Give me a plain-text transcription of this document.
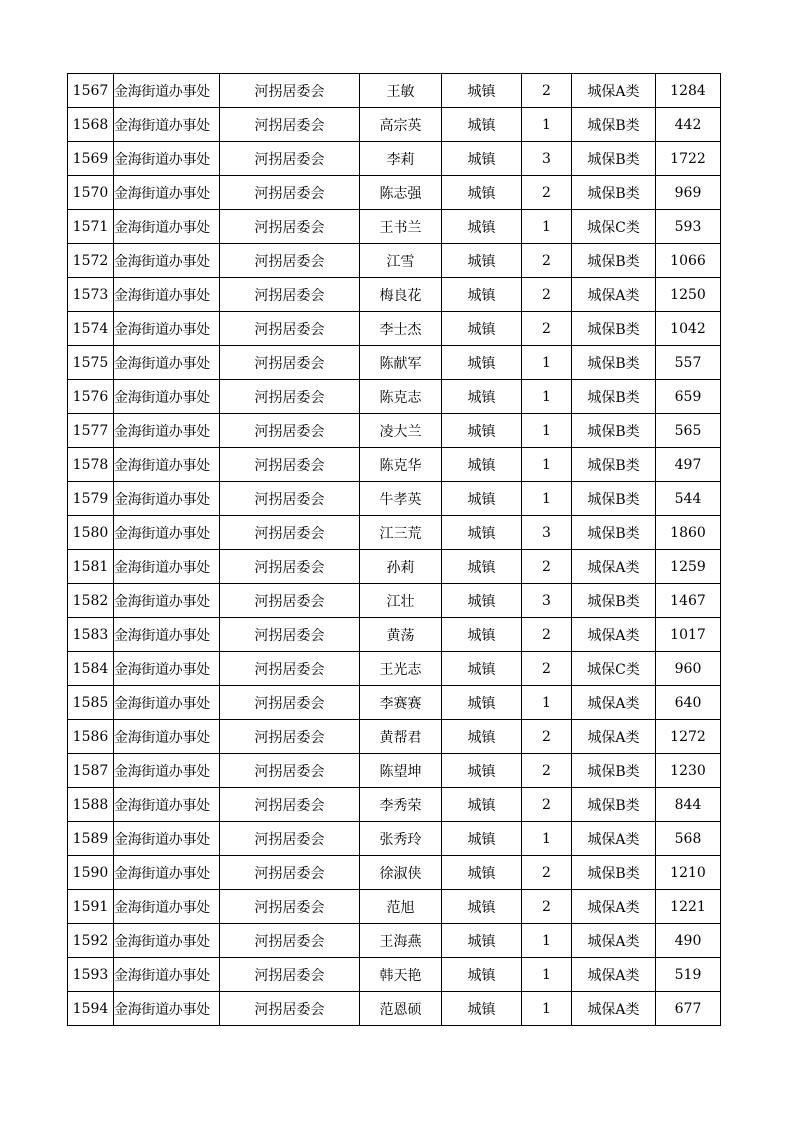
1567	金海街道办事处	河拐居委会	王敏	城镇	2	城保A类	1284
1568	金海街道办事处	河拐居委会	高宗英	城镇	1	城保B类	442
1569	金海街道办事处	河拐居委会	李莉	城镇	3	城保B类	1722
1570	金海街道办事处	河拐居委会	陈志强	城镇	2	城保B类	969
1571	金海街道办事处	河拐居委会	王书兰	城镇	1	城保C类	593
1572	金海街道办事处	河拐居委会	江雪	城镇	2	城保B类	1066
1573	金海街道办事处	河拐居委会	梅良花	城镇	2	城保A类	1250
1574	金海街道办事处	河拐居委会	李士杰	城镇	2	城保B类	1042
1575	金海街道办事处	河拐居委会	陈献军	城镇	1	城保B类	557
1576	金海街道办事处	河拐居委会	陈克志	城镇	1	城保B类	659
1577	金海街道办事处	河拐居委会	凌大兰	城镇	1	城保B类	565
1578	金海街道办事处	河拐居委会	陈克华	城镇	1	城保B类	497
1579	金海街道办事处	河拐居委会	牛孝英	城镇	1	城保B类	544
1580	金海街道办事处	河拐居委会	江三荒	城镇	3	城保B类	1860
1581	金海街道办事处	河拐居委会	孙莉	城镇	2	城保A类	1259
1582	金海街道办事处	河拐居委会	江壮	城镇	3	城保B类	1467
1583	金海街道办事处	河拐居委会	黄荡	城镇	2	城保A类	1017
1584	金海街道办事处	河拐居委会	王光志	城镇	2	城保C类	960
1585	金海街道办事处	河拐居委会	李赛赛	城镇	1	城保A类	640
1586	金海街道办事处	河拐居委会	黄帮君	城镇	2	城保A类	1272
1587	金海街道办事处	河拐居委会	陈望坤	城镇	2	城保B类	1230
1588	金海街道办事处	河拐居委会	李秀荣	城镇	2	城保B类	844
1589	金海街道办事处	河拐居委会	张秀玲	城镇	1	城保A类	568
1590	金海街道办事处	河拐居委会	徐淑侠	城镇	2	城保B类	1210
1591	金海街道办事处	河拐居委会	范旭	城镇	2	城保A类	1221
1592	金海街道办事处	河拐居委会	王海燕	城镇	1	城保A类	490
1593	金海街道办事处	河拐居委会	韩天艳	城镇	1	城保A类	519
1594	金海街道办事处	河拐居委会	范恩硕	城镇	1	城保A类	677
